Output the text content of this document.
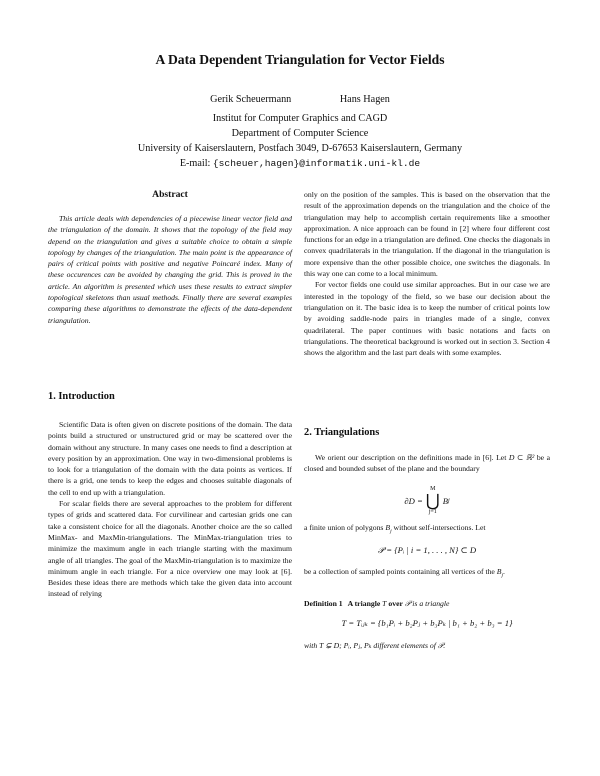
A Data Dependent Triangulation for Vector Fields
Gerik Scheuermann	Hans Hagen
Institut for Computer Graphics and CAGD
Department of Computer Science
University of Kaiserslautern, Postfach 3049, D-67653 Kaiserslautern, Germany
E-mail: {scheuer,hagen}@informatik.uni-kl.de
Abstract

This article deals with dependencies of a piecewise linear vector field and the triangulation of the domain. It shows that the topology of the field may depend on the triangulation and gives a suitable choice to obtain a simple topology by changes of the triangulation. The main point is the appearance of pairs of critical points with positive and negative Poincaré index. Many of these occurences can be avoided by changing the grid. This is proved in the article. An algorithm is presented which uses these results to extract simpler topological skeletons than usual methods. Finally there are several examples comparing these algorithms to demonstrate the effects of the data-dependent triangulation.

1. Introduction

Scientific Data is often given on discrete positions of the domain. The data points build a structured or unstructured grid or may be scattered over the domain without any structure. In many cases one needs to find a description at every position by an approximation. One way in two-dimensional problems is to look for a triangulation of the domain with the data points as vertices. If there is a grid, one tends to keep the edges and chooses suitable diagonals of the cell to end up with a triangulation.

For scalar fields there are several approaches to the problem for different types of grids and scattered data. For curvilinear and cartesian grids one can take a consistent choice for all the diagonals. Another choice are the so called MinMax- and MaxMin-triangulations. The MinMax-triangulation tries to minimize the maximum angle in each triangle starting with the maximum angle of all triangles. The goal of the MaxMin-triangulation is to maximize the minimum angle in each triangle. For a nice overview one may look at [6]. Besides these ideas there are methods which take the given data into account instead of relying

only on the position of the samples. This is based on the observation that the result of the approximation depends on the triangulation and the choice of the triangulation may help to accomplish certain requirements like a smoother approximation. A nice approach can be found in [2] where four different cost functions for an edge in a triangulation are defined. One checks the diagonals in convex quadrilaterals in the triangulation. If the diagonal in the triangulation is more expensive than the other possible choice, one switches the diagonals. In this way one can come to a local minimum.

For vector fields one could use similar approaches. But in our case we are interested in the topology of the field, so we base our decision about the triangulation on it. The basic idea is to keep the number of critical points low by avoiding saddle-node pairs in triangles made of a single, convex quadrilateral. The paper continues with basic notations and facts on triangulations. The theoretical background is worked out in section 3. Section 4 shows the algorithm and the last part deals with some examples.

2. Triangulations

We orient our description on the definitions made in [6]. Let D ⊂ ℝ² be a closed and bounded subset of the plane and the boundary

∂D =
M
⋃
j=1
B j

a finite union of polygons $B_j$ without self-intersections. Let

𝒫 = {Pᵢ | i = 1, . . . , N} ⊂ D

be a collection of sampled points containing all vertices of the $B_j$.

Definition 1 A triangle T over 𝒫 is a triangle

T = Tᵢⱼₖ = {b₁Pᵢ + b₂Pⱼ + b₃Pₖ | b₁ + b₂ + b₃ = 1}
with T ⊊ D; Pᵢ, Pⱼ, Pₖ different elements of 𝒫.
